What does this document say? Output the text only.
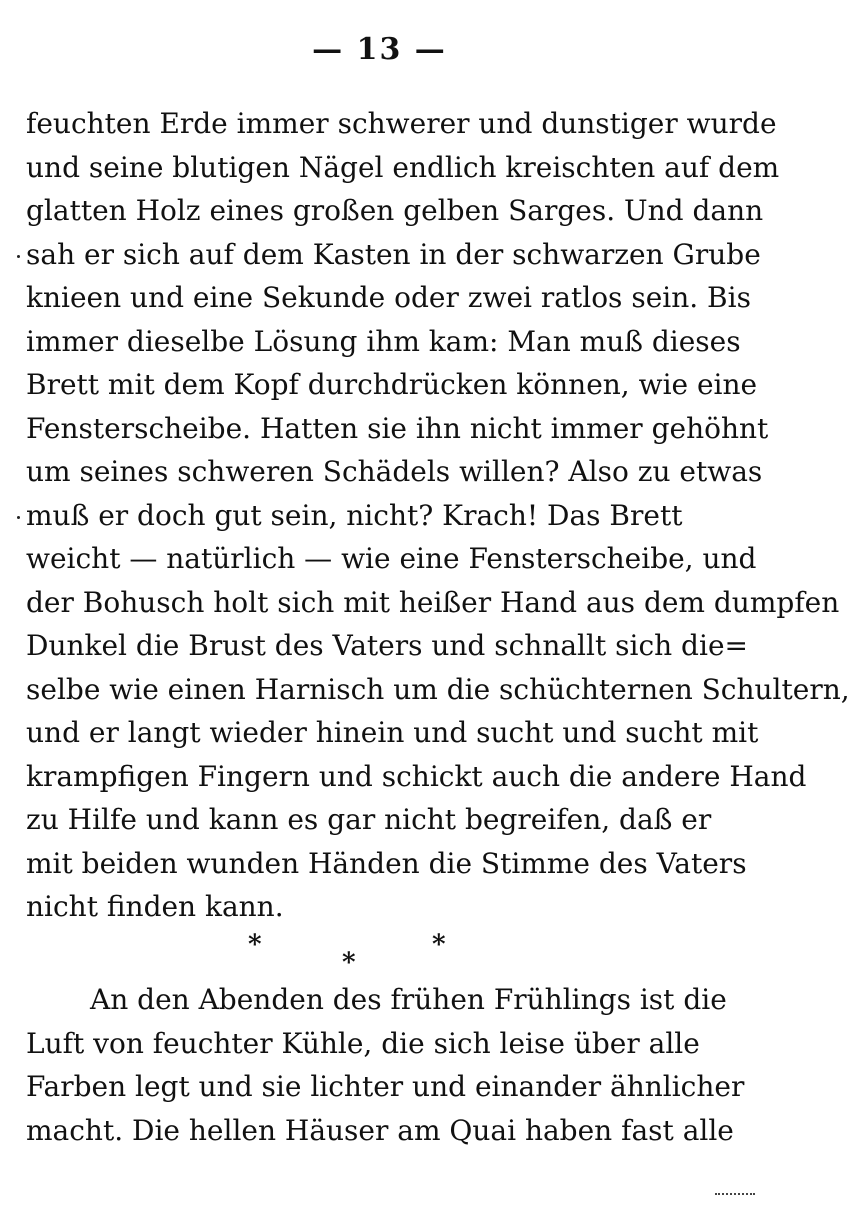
— 13 —
feuchten Erde immer schwerer und dunstiger wurde
und seine blutigen Nägel endlich kreischten auf dem
glatten Holz eines großen gelben Sarges. Und dann
sah er sich auf dem Kasten in der schwarzen Grube
knieen und eine Sekunde oder zwei ratlos sein. Bis
immer dieselbe Lösung ihm kam: Man muß dieses
Brett mit dem Kopf durchdrücken können, wie eine
Fensterscheibe. Hatten sie ihn nicht immer gehöhnt
um seines schweren Schädels willen? Also zu etwas
muß er doch gut sein, nicht? Krach! Das Brett
weicht — natürlich — wie eine Fensterscheibe, und
der Bohusch holt sich mit heißer Hand aus dem dumpfen
Dunkel die Brust des Vaters und schnallt sich die=
selbe wie einen Harnisch um die schüchternen Schultern,
und er langt wieder hinein und sucht und sucht mit
krampfigen Fingern und schickt auch die andere Hand
zu Hilfe und kann es gar nicht begreifen, daß er
mit beiden wunden Händen die Stimme des Vaters
nicht finden kann.
*
*
*
An den Abenden des frühen Frühlings ist die
Luft von feuchter Kühle, die sich leise über alle
Farben legt und sie lichter und einander ähnlicher
macht. Die hellen Häuser am Quai haben fast alle
